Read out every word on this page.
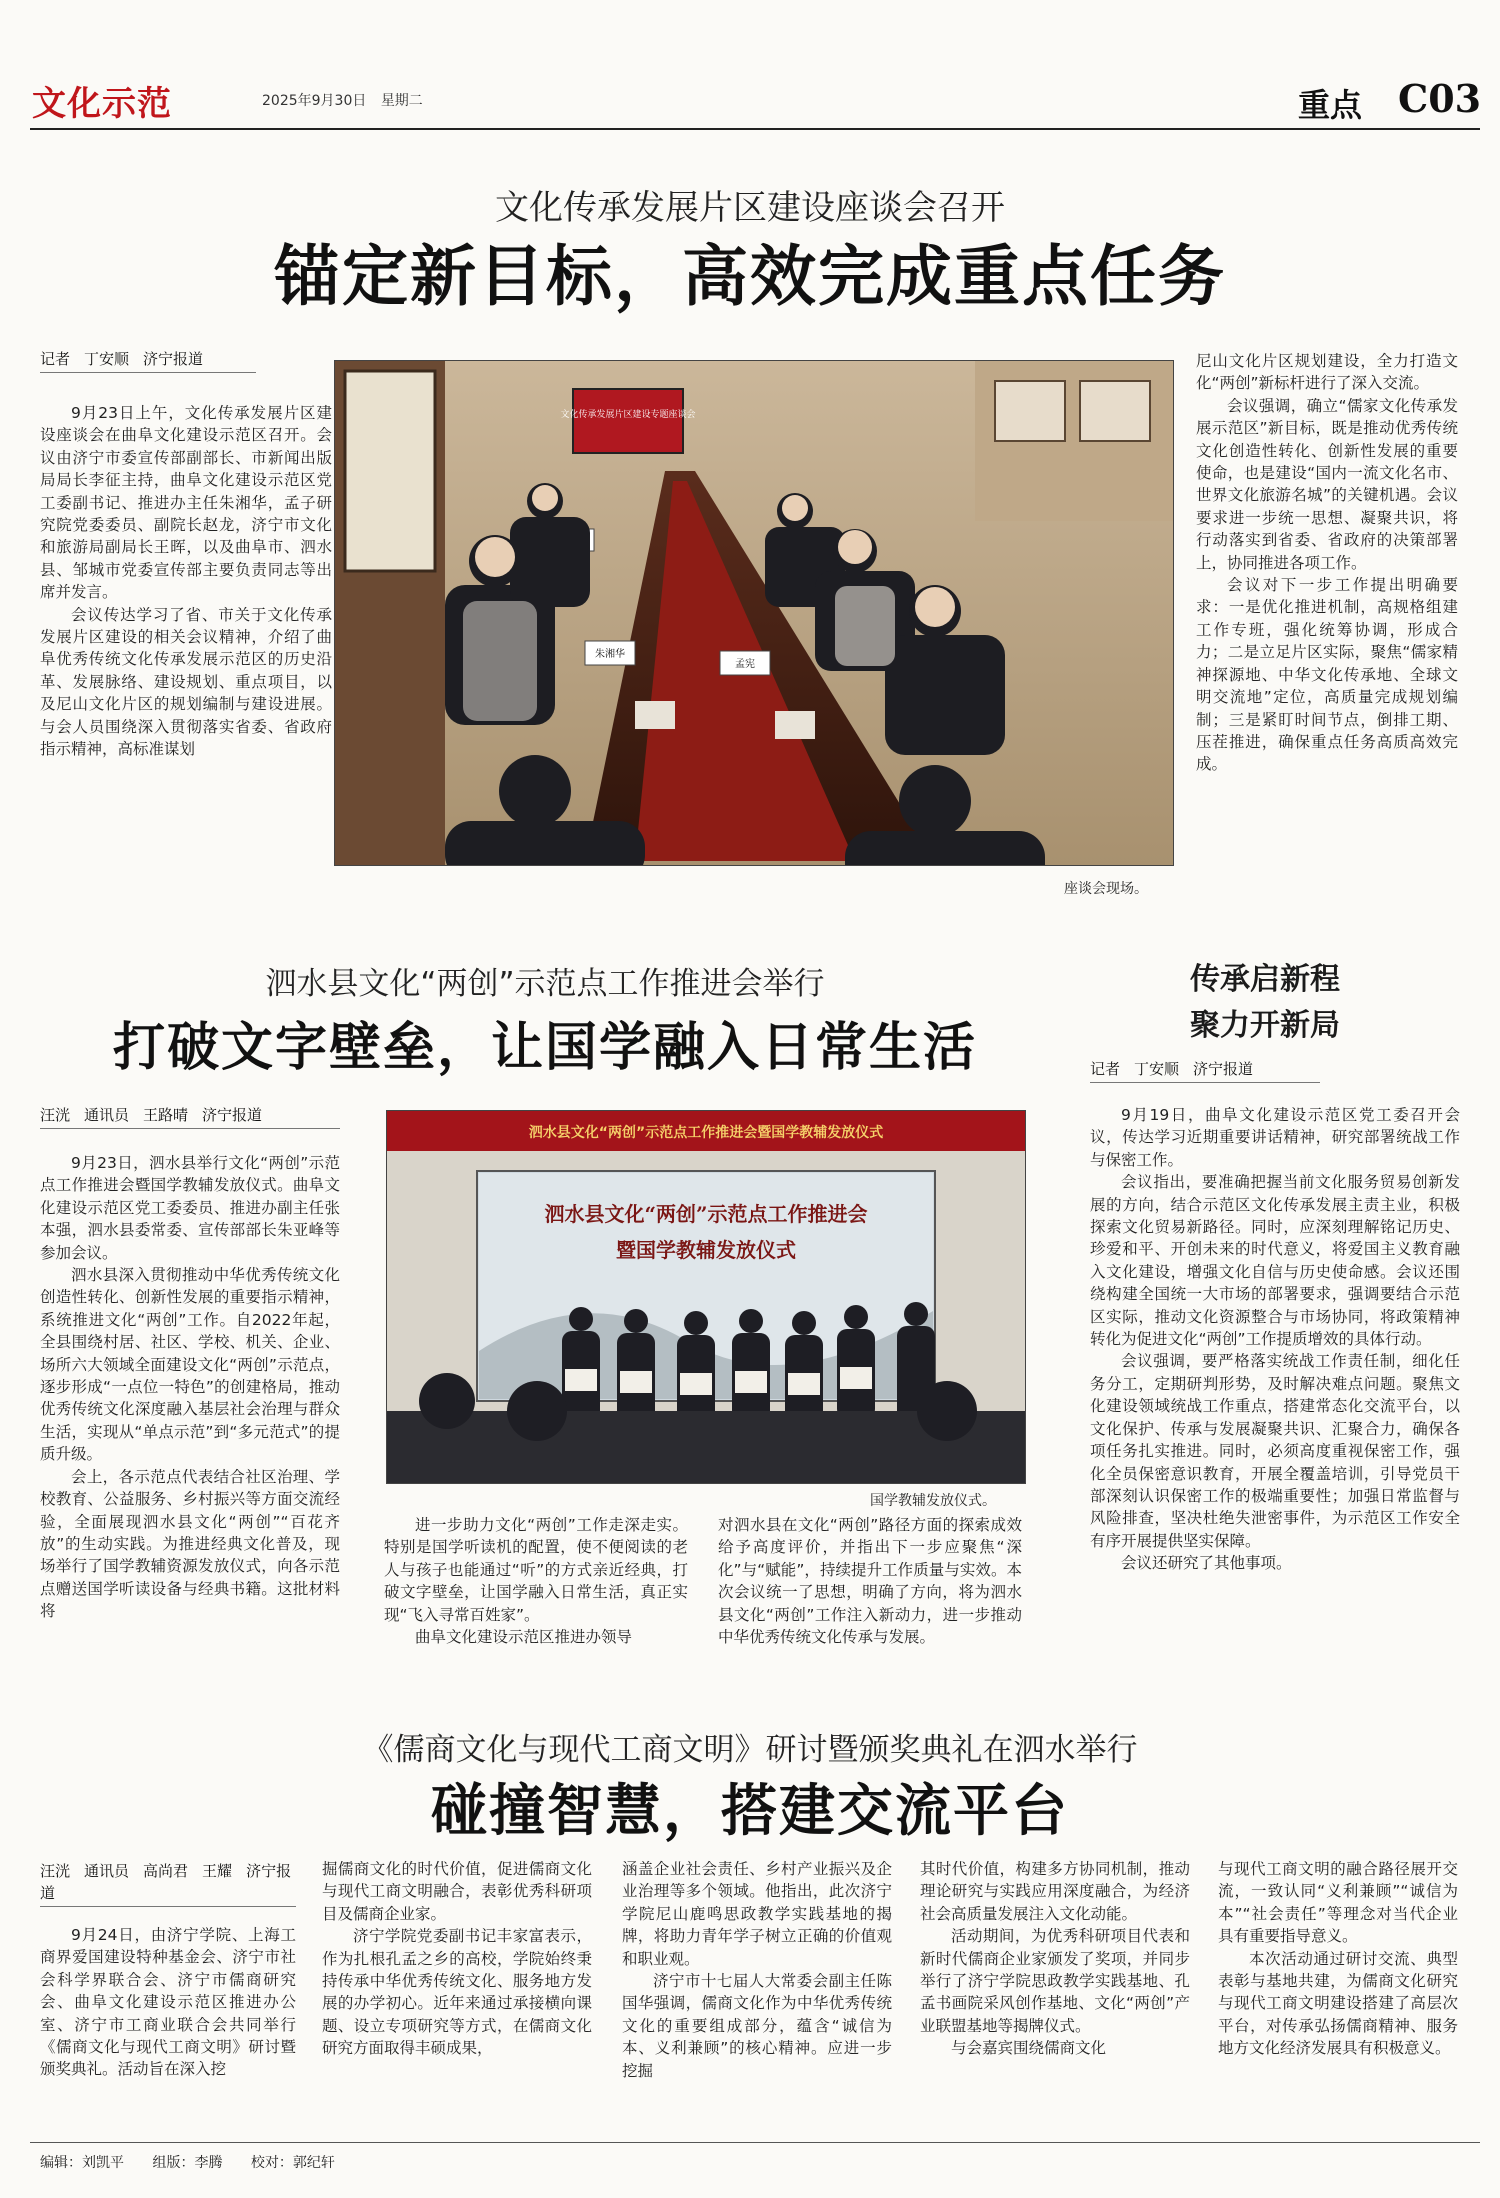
文化示范	2025年9月30日 星期二	重点 C03
文化传承发展片区建设座谈会召开
锚定新目标，高效完成重点任务
记者 丁安顺 济宁报道

9月23日上午，文化传承发展片区建设座谈会在曲阜文化建设示范区召开。会议由济宁市委宣传部副部长、市新闻出版局局长李征主持，曲阜文化建设示范区党工委副书记、推进办主任朱湘华，孟子研究院党委委员、副院长赵龙，济宁市文化和旅游局副局长王晖，以及曲阜市、泗水县、邹城市党委宣传部主要负责同志等出席并发言。

会议传达学习了省、市关于文化传承发展片区建设的相关会议精神，介绍了曲阜优秀传统文化传承发展示范区的历史沿革、发展脉络、建设规划、重点项目，以及尼山文化片区的规划编制与建设进展。与会人员围绕深入贯彻落实省委、省政府指示精神，高标准谋划

文化传承发展片区建设专题座谈会
朱湘华
孟宪
座谈会现场。

尼山文化片区规划建设，全力打造文化“两创”新标杆进行了深入交流。

会议强调，确立“儒家文化传承发展示范区”新目标，既是推动优秀传统文化创造性转化、创新性发展的重要使命，也是建设“国内一流文化名市、世界文化旅游名城”的关键机遇。会议要求进一步统一思想、凝聚共识，将行动落实到省委、省政府的决策部署上，协同推进各项工作。

会议对下一步工作提出明确要求：一是优化推进机制，高规格组建工作专班，强化统筹协调，形成合力；二是立足片区实际，聚焦“儒家精神探源地、中华文化传承地、全球文明交流地”定位，高质量完成规划编制；三是紧盯时间节点，倒排工期、压茬推进，确保重点任务高质高效完成。

泗水县文化“两创”示范点工作推进会举行
打破文字壁垒，让国学融入日常生活
汪洸 通讯员 王路晴 济宁报道

9月23日，泗水县举行文化“两创”示范点工作推进会暨国学教辅发放仪式。曲阜文化建设示范区党工委委员、推进办副主任张本强，泗水县委常委、宣传部部长朱亚峰等参加会议。

泗水县深入贯彻推动中华优秀传统文化创造性转化、创新性发展的重要指示精神，系统推进文化“两创”工作。自2022年起，全县围绕村居、社区、学校、机关、企业、场所六大领域全面建设文化“两创”示范点，逐步形成“一点位一特色”的创建格局，推动优秀传统文化深度融入基层社会治理与群众生活，实现从“单点示范”到“多元范式”的提质升级。

会上，各示范点代表结合社区治理、学校教育、公益服务、乡村振兴等方面交流经验，全面展现泗水县文化“两创”“百花齐放”的生动实践。为推进经典文化普及，现场举行了国学教辅资源发放仪式，向各示范点赠送国学听读设备与经典书籍。这批材料将

泗水县文化“两创”示范点工作推进会暨国学教辅发放仪式
泗水县文化“两创”示范点工作推进会
暨国学教辅发放仪式
国学教辅发放仪式。

进一步助力文化“两创”工作走深走实。特别是国学听读机的配置，使不便阅读的老人与孩子也能通过“听”的方式亲近经典，打破文字壁垒，让国学融入日常生活，真正实现“飞入寻常百姓家”。

曲阜文化建设示范区推进办领导

对泗水县在文化“两创”路径方面的探索成效给予高度评价，并指出下一步应聚焦“深化”与“赋能”，持续提升工作质量与实效。本次会议统一了思想，明确了方向，将为泗水县文化“两创”工作注入新动力，进一步推动中华优秀传统文化传承与发展。

传承启新程
聚力开新局
记者 丁安顺 济宁报道

9月19日，曲阜文化建设示范区党工委召开会议，传达学习近期重要讲话精神，研究部署统战工作与保密工作。

会议指出，要准确把握当前文化服务贸易创新发展的方向，结合示范区文化传承发展主责主业，积极探索文化贸易新路径。同时，应深刻理解铭记历史、珍爱和平、开创未来的时代意义，将爱国主义教育融入文化建设，增强文化自信与历史使命感。会议还围绕构建全国统一大市场的部署要求，强调要结合示范区实际，推动文化资源整合与市场协同，将政策精神转化为促进文化“两创”工作提质增效的具体行动。

会议强调，要严格落实统战工作责任制，细化任务分工，定期研判形势，及时解决难点问题。聚焦文化建设领域统战工作重点，搭建常态化交流平台，以文化保护、传承与发展凝聚共识、汇聚合力，确保各项任务扎实推进。同时，必须高度重视保密工作，强化全员保密意识教育，开展全覆盖培训，引导党员干部深刻认识保密工作的极端重要性；加强日常监督与风险排查，坚决杜绝失泄密事件，为示范区工作安全有序开展提供坚实保障。

会议还研究了其他事项。

《儒商文化与现代工商文明》研讨暨颁奖典礼在泗水举行
碰撞智慧，搭建交流平台
汪洸 通讯员 高尚君 王耀 济宁报道

9月24日，由济宁学院、上海工商界爱国建设特种基金会、济宁市社会科学界联合会、济宁市儒商研究会、曲阜文化建设示范区推进办公室、济宁市工商业联合会共同举行《儒商文化与现代工商文明》研讨暨颁奖典礼。活动旨在深入挖

掘儒商文化的时代价值，促进儒商文化与现代工商文明融合，表彰优秀科研项目及儒商企业家。

济宁学院党委副书记丰家富表示，作为扎根孔孟之乡的高校，学院始终秉持传承中华优秀传统文化、服务地方发展的办学初心。近年来通过承接横向课题、设立专项研究等方式，在儒商文化研究方面取得丰硕成果，

涵盖企业社会责任、乡村产业振兴及企业治理等多个领域。他指出，此次济宁学院尼山鹿鸣思政教学实践基地的揭牌，将助力青年学子树立正确的价值观和职业观。

济宁市十七届人大常委会副主任陈国华强调，儒商文化作为中华优秀传统文化的重要组成部分，蕴含“诚信为本、义利兼顾”的核心精神。应进一步挖掘

其时代价值，构建多方协同机制，推动理论研究与实践应用深度融合，为经济社会高质量发展注入文化动能。

活动期间，为优秀科研项目代表和新时代儒商企业家颁发了奖项，并同步举行了济宁学院思政教学实践基地、孔孟书画院采风创作基地、文化“两创”产业联盟基地等揭牌仪式。

与会嘉宾围绕儒商文化

与现代工商文明的融合路径展开交流，一致认同“义利兼顾”“诚信为本”“社会责任”等理念对当代企业具有重要指导意义。

本次活动通过研讨交流、典型表彰与基地共建，为儒商文化研究与现代工商文明建设搭建了高层次平台，对传承弘扬儒商精神、服务地方文化经济发展具有积极意义。

编辑：刘凯平 组版：李腾 校对：郭纪轩
